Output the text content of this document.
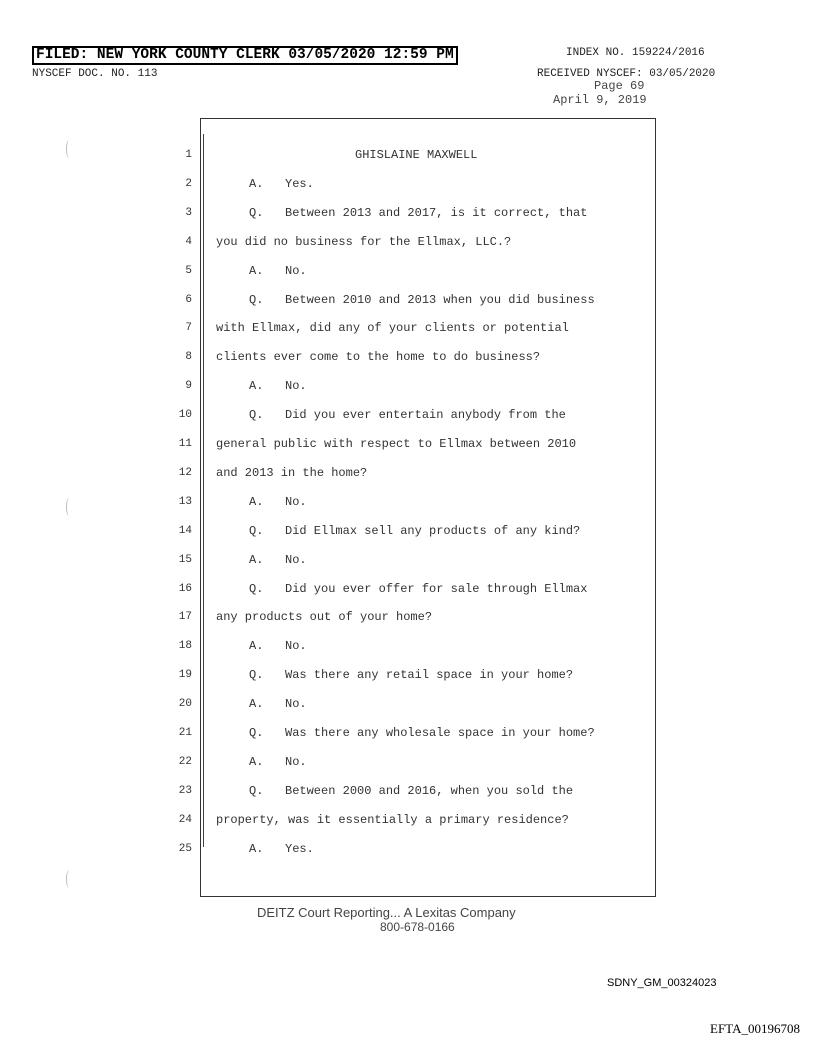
FILED: NEW YORK COUNTY CLERK 03/05/2020 12:59 PM	INDEX NO. 159224/2016
NYSCEF DOC. NO. 113	RECEIVED NYSCEF: 03/05/2020
Page 69
April 9, 2019
1	GHISLAINE MAXWELL
2	A.   Yes.
3	Q.   Between 2013 and 2017, is it correct, that
4 you did no business for the Ellmax, LLC.?
5	A.   No.
6	Q.   Between 2010 and 2013 when you did business
7 with Ellmax, did any of your clients or potential
8 clients ever come to the home to do business?
9	A.   No.
10	Q.   Did you ever entertain anybody from the
11 general public with respect to Ellmax between 2010
12 and 2013 in the home?
13	A.   No.
14	Q.   Did Ellmax sell any products of any kind?
15	A.   No.
16	Q.   Did you ever offer for sale through Ellmax
17 any products out of your home?
18	A.   No.
19	Q.   Was there any retail space in your home?
20	A.   No.
21	Q.   Was there any wholesale space in your home?
22	A.   No.
23	Q.   Between 2000 and 2016, when you sold the
24 property, was it essentially a primary residence?
25	A.   Yes.
DEITZ Court Reporting... A Lexitas Company
800-678-0166
SDNY_GM_00324023
EFTA_00196708
